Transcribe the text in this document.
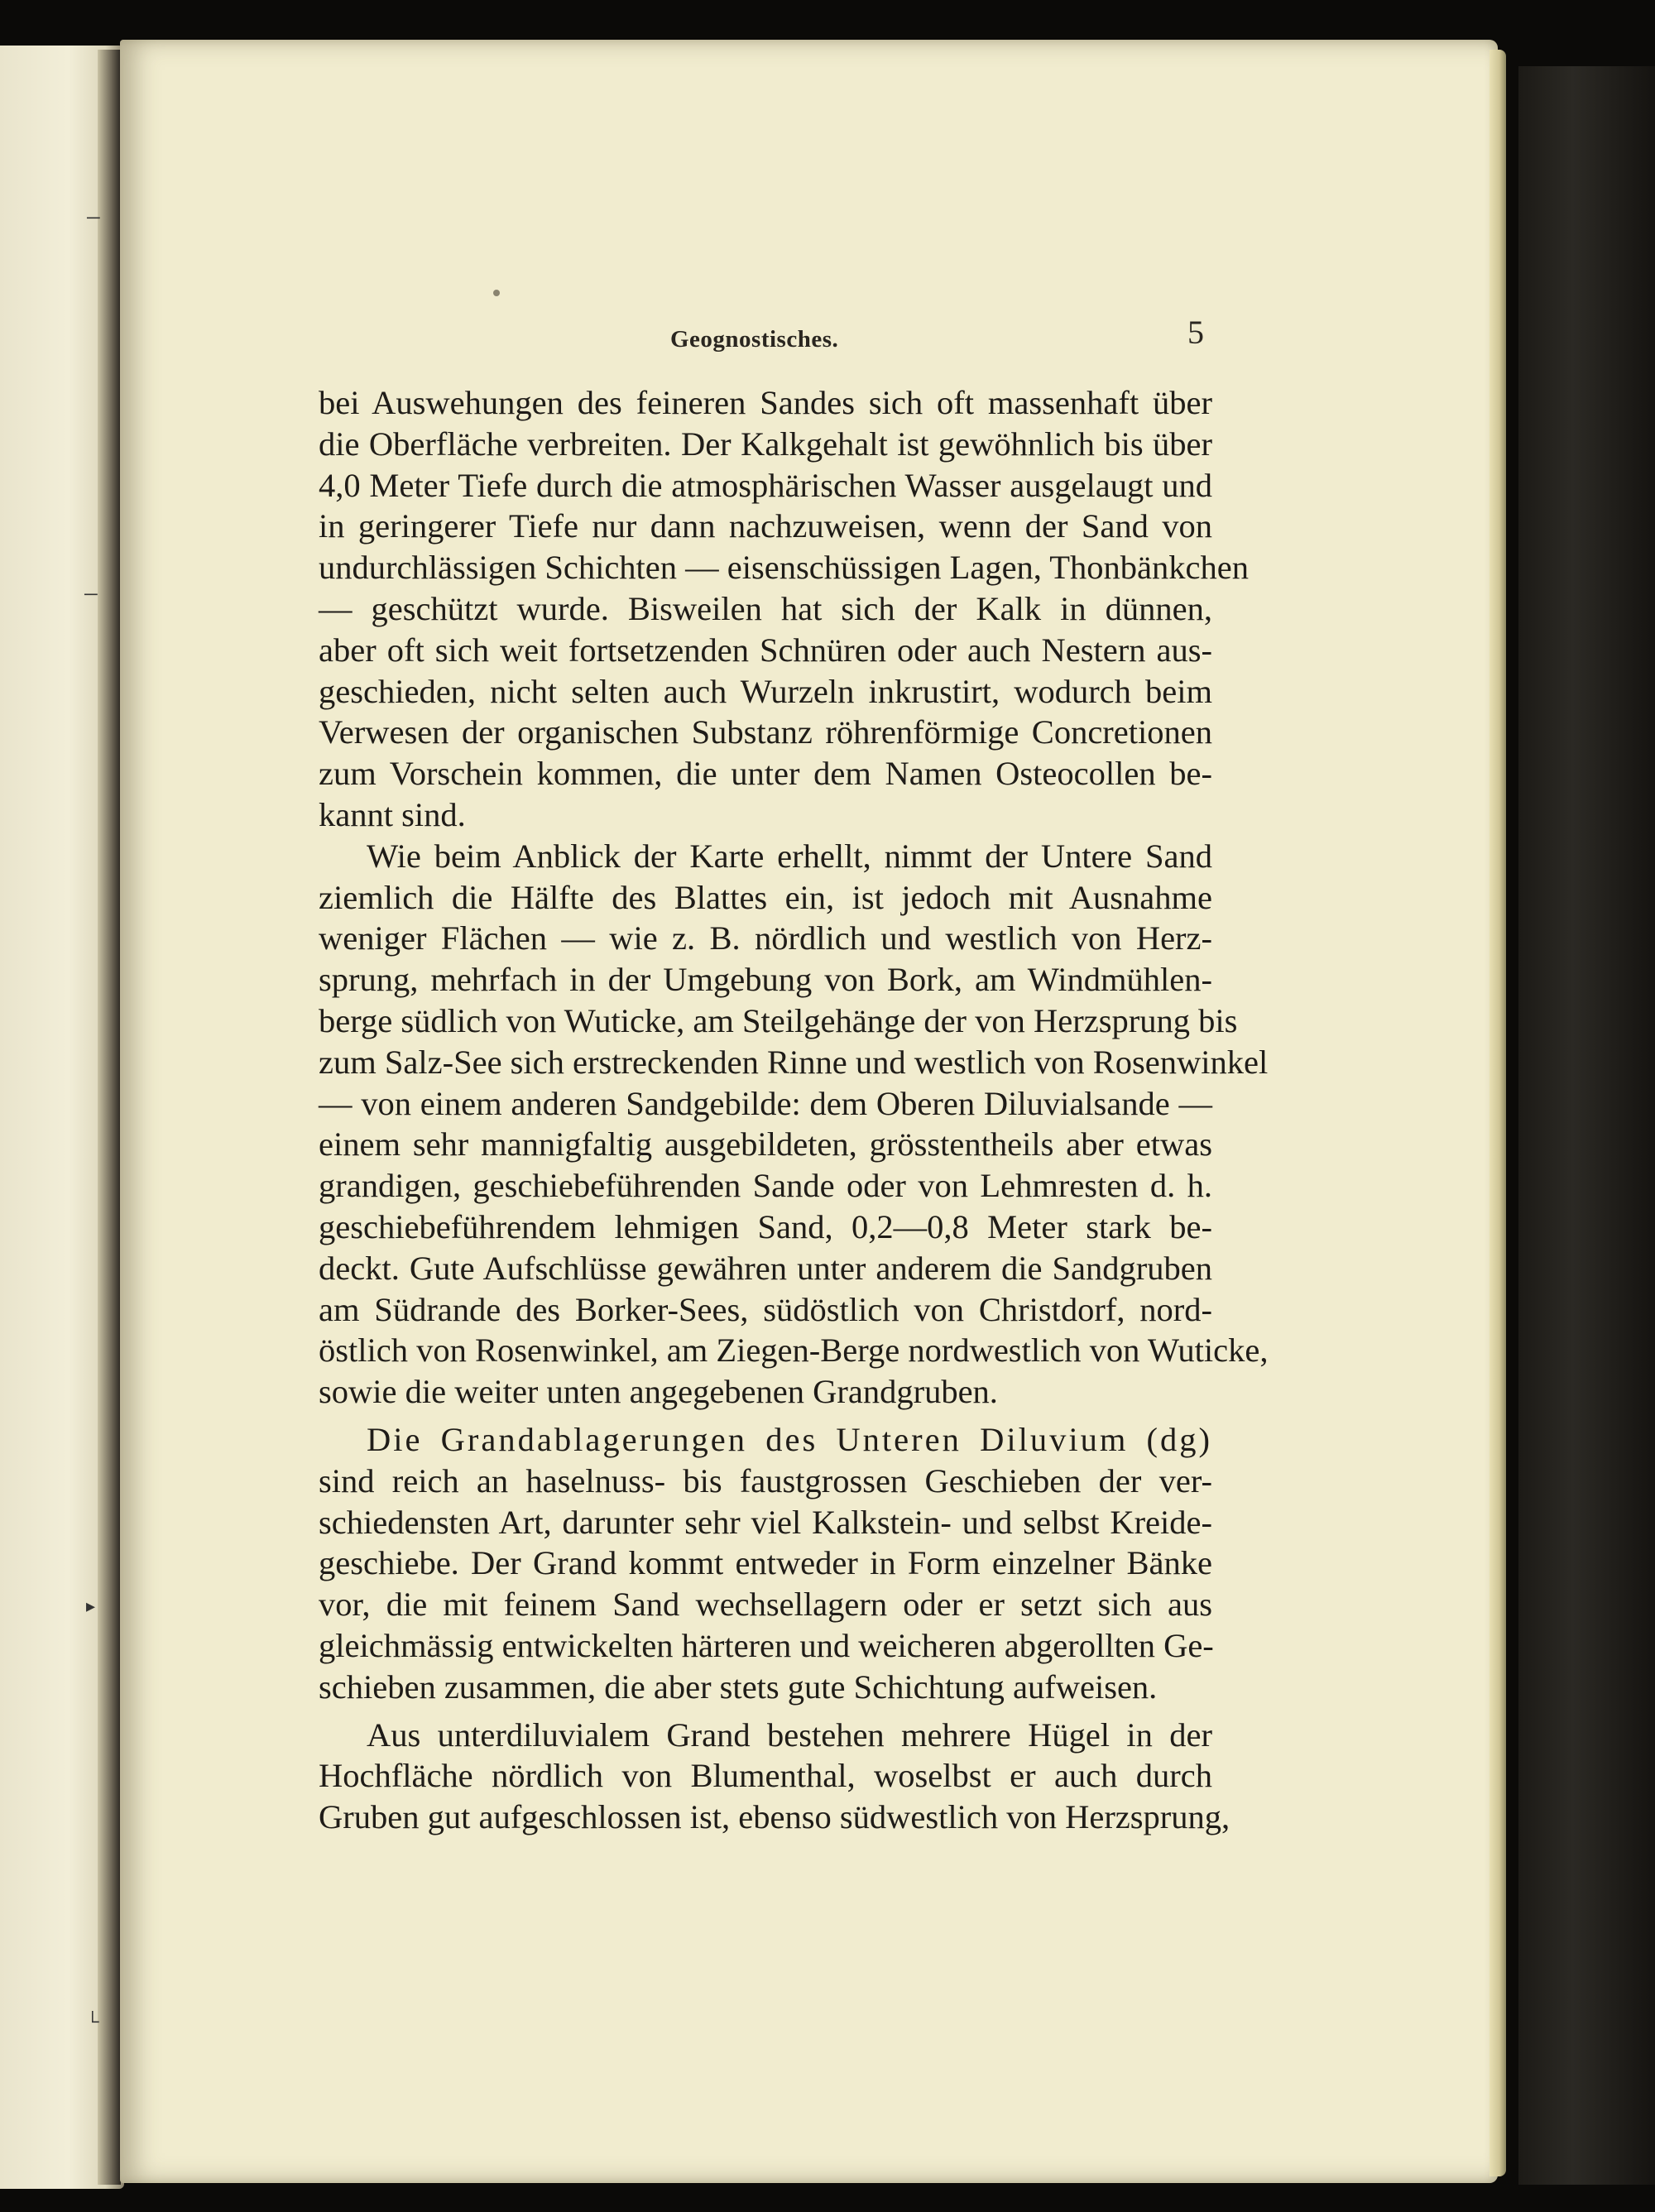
─
─
▸
└
Geognostisches.	5
bei Auswehungen des feineren Sandes sich oft massenhaft über
die Oberfläche verbreiten. Der Kalkgehalt ist gewöhnlich bis über
4,0 Meter Tiefe durch die atmosphärischen Wasser ausgelaugt und
in geringerer Tiefe nur dann nachzuweisen, wenn der Sand von
undurchlässigen Schichten — eisenschüssigen Lagen, Thonbänkchen
— geschützt wurde. Bisweilen hat sich der Kalk in dünnen,
aber oft sich weit fortsetzenden Schnüren oder auch Nestern aus-
geschieden, nicht selten auch Wurzeln inkrustirt, wodurch beim
Verwesen der organischen Substanz röhrenförmige Concretionen
zum Vorschein kommen, die unter dem Namen Osteocollen be-
kannt sind.
Wie beim Anblick der Karte erhellt, nimmt der Untere Sand
ziemlich die Hälfte des Blattes ein, ist jedoch mit Ausnahme
weniger Flächen — wie z. B. nördlich und westlich von Herz-
sprung, mehrfach in der Umgebung von Bork, am Windmühlen-
berge südlich von Wuticke, am Steilgehänge der von Herzsprung bis
zum Salz-See sich erstreckenden Rinne und westlich von Rosenwinkel
— von einem anderen Sandgebilde: dem Oberen Diluvialsande —
einem sehr mannigfaltig ausgebildeten, grösstentheils aber etwas
grandigen, geschiebeführenden Sande oder von Lehmresten d. h.
geschiebeführendem lehmigen Sand, 0,2—0,8 Meter stark be-
deckt. Gute Aufschlüsse gewähren unter anderem die Sandgruben
am Südrande des Borker-Sees, südöstlich von Christdorf, nord-
östlich von Rosenwinkel, am Ziegen-Berge nordwestlich von Wuticke,
sowie die weiter unten angegebenen Grandgruben.
Die Grandablagerungen des Unteren Diluvium (dg)
sind reich an haselnuss- bis faustgrossen Geschieben der ver-
schiedensten Art, darunter sehr viel Kalkstein- und selbst Kreide-
geschiebe. Der Grand kommt entweder in Form einzelner Bänke
vor, die mit feinem Sand wechsellagern oder er setzt sich aus
gleichmässig entwickelten härteren und weicheren abgerollten Ge-
schieben zusammen, die aber stets gute Schichtung aufweisen.
Aus unterdiluvialem Grand bestehen mehrere Hügel in der
Hochfläche nördlich von Blumenthal, woselbst er auch durch
Gruben gut aufgeschlossen ist, ebenso südwestlich von Herzsprung,
